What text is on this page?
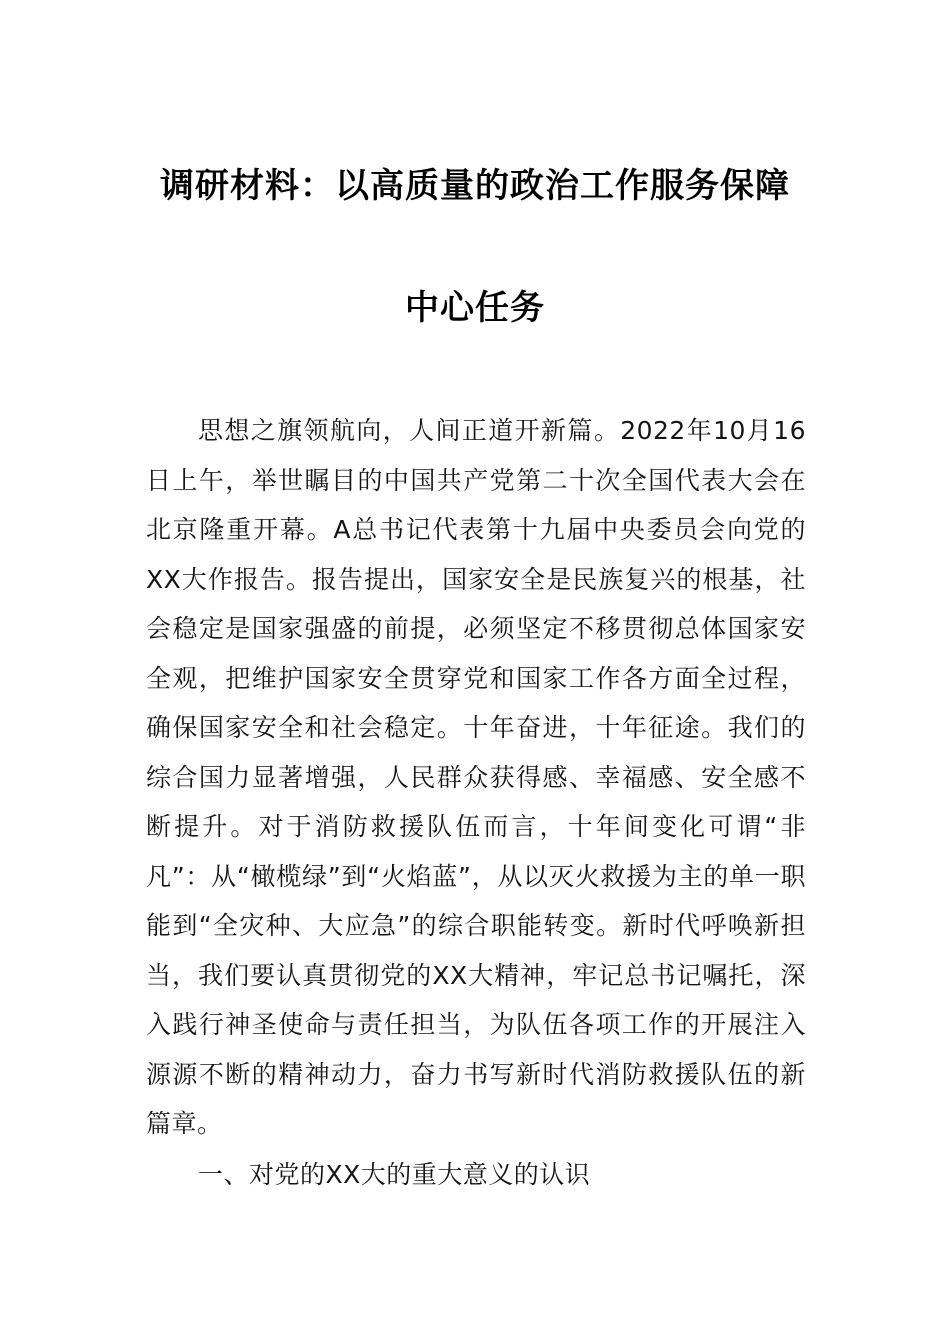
调研材料：以高质量的政治工作服务保障
中心任务
思想之旗领航向，人间正道开新篇。2022年10月16日上午，举世瞩目的中国共产党第二十次全国代表大会在北京隆重开幕。A总书记代表第十九届中央委员会向党的XX大作报告。报告提出，国家安全是民族复兴的根基，社会稳定是国家强盛的前提，必须坚定不移贯彻总体国家安全观，把维护国家安全贯穿党和国家工作各方面全过程，确保国家安全和社会稳定。十年奋进，十年征途。我们的综合国力显著增强，人民群众获得感、幸福感、安全感不断提升。对于消防救援队伍而言，十年间变化可谓“非凡”：从“橄榄绿”到“火焰蓝”，从以灭火救援为主的单一职能到“全灾种、大应急”的综合职能转变。新时代呼唤新担当，我们要认真贯彻党的XX大精神，牢记总书记嘱托，深入践行神圣使命与责任担当，为队伍各项工作的开展注入源源不断的精神动力，奋力书写新时代消防救援队伍的新篇章。
一、对党的XX大的重大意义的认识
